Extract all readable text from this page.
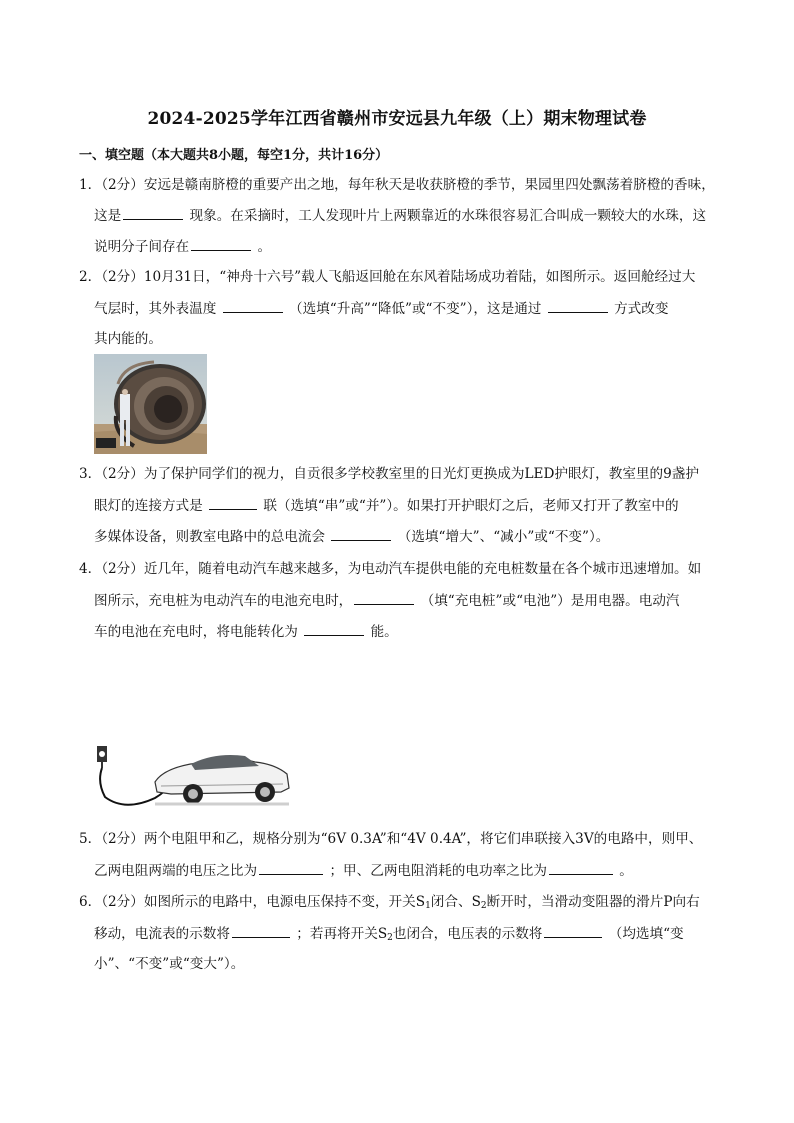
2024-2025学年江西省赣州市安远县九年级（上）期末物理试卷
一、填空题（本大题共8小题，每空1分，共计16分）
1．（2分）安远是赣南脐橙的重要产出之地，每年秋天是收获脐橙的季节，果园里四处飘荡着脐橙的香味，
这是	现象。在采摘时，工人发现叶片上两颗靠近的水珠很容易汇合叫成一颗较大的水珠，这
说明分子间存在	。
2．（2分）10月31日，“神舟十六号”载人飞船返回舱在东风着陆场成功着陆，如图所示。返回舱经过大
气层时，其外表温度	（选填“升高”“降低”或“不变”），这是通过	方式改变
其内能的。
3．（2分）为了保护同学们的视力，自贡很多学校教室里的日光灯更换成为LED护眼灯，教室里的9盏护
眼灯的连接方式是	联（选填“串”或“并”）。如果打开护眼灯之后，老师又打开了教室中的
多媒体设备，则教室电路中的总电流会	（选填“增大”、“减小”或“不变”）。
4．（2分）近几年，随着电动汽车越来越多，为电动汽车提供电能的充电桩数量在各个城市迅速增加。如
图所示，充电桩为电动汽车的电池充电时，	（填“充电桩”或“电池”）是用电器。电动汽
车的电池在充电时，将电能转化为	能。
5．（2分）两个电阻甲和乙，规格分别为“6V 0.3A”和“4V 0.4A”，将它们串联接入3V的电路中，则甲、
乙两电阻两端的电压之比为	；甲、乙两电阻消耗的电功率之比为	。
6．（2分）如图所示的电路中，电源电压保持不变，开关$S_1$闭合、$S_2$断开时，当滑动变阻器的滑片P向右
移动，电流表的示数将	；若再将开关$S_2$也闭合，电压表的示数将	（均选填“变
小”、“不变”或“变大”）。
